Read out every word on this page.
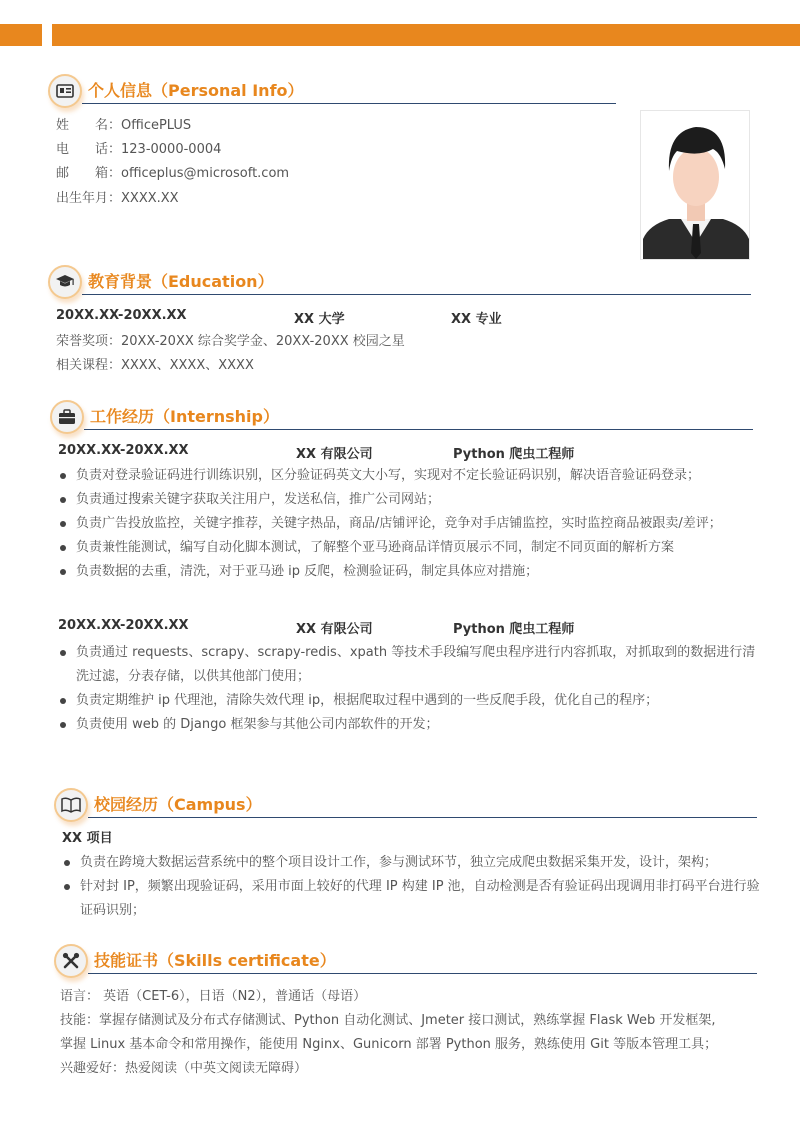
个人信息（Personal Info）
姓　　名：OfficePLUS
电　　话：123-0000-0004
邮　　箱：officeplus@microsoft.com
出生年月：XXXX.XX
教育背景（Education）
20XX.XX-20XX.XX	XX 大学	XX 专业
荣誉奖项：20XX-20XX 综合奖学金、20XX-20XX 校园之星
相关课程：XXXX、XXXX、XXXX
工作经历（Internship）
20XX.XX-20XX.XX	XX 有限公司	Python 爬虫工程师
负责对登录验证码进行训练识别，区分验证码英文大小写，实现对不定长验证码识别，解决语音验证码登录；
负责通过搜索关键字获取关注用户，发送私信，推广公司网站；
负责广告投放监控，关键字推荐，关键字热品，商品/店铺评论，竞争对手店铺监控，实时监控商品被跟卖/差评；
负责兼性能测试，编写自动化脚本测试，了解整个亚马逊商品详情页展示不同，制定不同页面的解析方案
负责数据的去重，清洗，对于亚马逊 ip 反爬，检测验证码，制定具体应对措施；
20XX.XX-20XX.XX	XX 有限公司	Python 爬虫工程师
负责通过 requests、scrapy、scrapy-redis、xpath 等技术手段编写爬虫程序进行内容抓取，对抓取到的数据进行清洗过滤，分表存储，以供其他部门使用；
负责定期维护 ip 代理池，清除失效代理 ip，根据爬取过程中遇到的一些反爬手段，优化自己的程序；
负责使用 web 的 Django 框架参与其他公司内部软件的开发；
校园经历（Campus）
XX 项目
负责在跨境大数据运营系统中的整个项目设计工作，参与测试环节，独立完成爬虫数据采集开发，设计，架构；
针对封 IP，频繁出现验证码，采用市面上较好的代理 IP 构建 IP 池，自动检测是否有验证码出现调用非打码平台进行验证码识别；
技能证书（Skills certificate）
语言： 英语（CET-6），日语（N2），普通话（母语）
技能：掌握存储测试及分布式存储测试、Python 自动化测试、Jmeter 接口测试，熟练掌握 Flask Web 开发框架,
掌握 Linux 基本命令和常用操作，能使用 Nginx、Gunicorn 部署 Python 服务，熟练使用 Git 等版本管理工具；
兴趣爱好：热爱阅读（中英文阅读无障碍）
